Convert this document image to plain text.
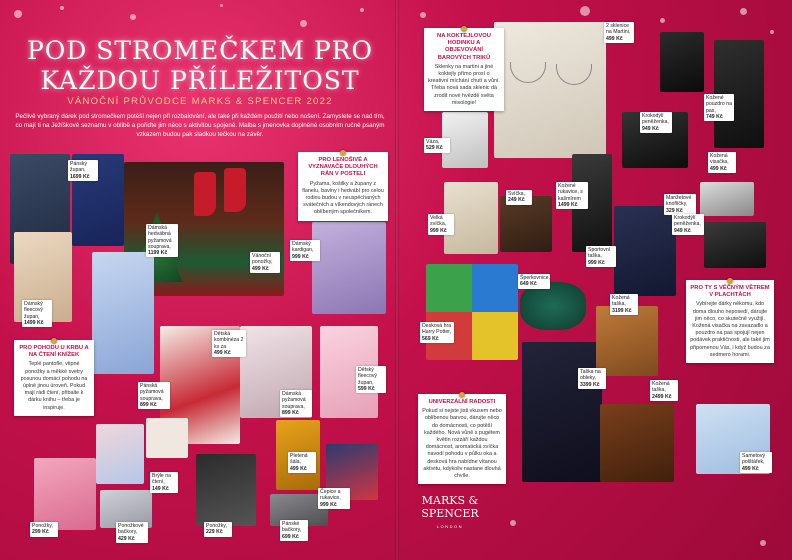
POD STROMEČKEM PRO KAŽDOU PŘÍLEŽITOST
VÁNOČNÍ PRŮVODCE MARKS & SPENCER 2022
Pečlivě vybraný dárek pod stromečkem potěší nejen při rozbalování, ale také při každém použití nebo nošení. Zamyslete se nad tím, co mají ti na Ježíškově seznamu v oblibě a pořiďte jim něco s aktivitou spojené. Malba s jmenovka doplněné osobním ručně psaným vzkazem budou pak sladkou tečkou na závěr.
PRO LENOŠIVÉ A VYZNAVAČE DLOUHÝCH RÁN V POSTELI
Pyžama, košilky a župany z flanelu, bavlny i hedvábí pro celou rodinu budou v neuspěchaných svátečních a víkendových ránech oblíbeným společníkem.
PRO POHODU U KRBU A NA ČTENÍ KNÍŽEK
Teplé pantofle, vtipné ponožky a měkké svetry posunou domácí pohodu na úplně jinou úroveň. Pokud mají rádi čtení, přibalte k dárku knihu – třeba je inspiruje.
Pánský župan,
1699 Kč
Dámská hedvábná pyžamová souprava,
1199 Kč	Vánoční ponožky,
499 Kč
Dámský kardigan,
999 Kč
Dámský fleecový župan,
1499 Kč
Dětská kombinéza 2 ks za
499 Kč
Pánská pyžamová souprava,
899 Kč
Dámská pyžamová souprava,
899 Kč
Dětský fleecový župan,
599 Kč
Pletená šála,
499 Kč
Brýle na čtení,
149 Kč
Čepice a rukavice,
999 Kč
Ponožky,
299 Kč
Ponožkové bačkory,
429 Kč
Ponožky,
229 Kč
Pánské bačkory,
699 Kč
NA KOKTEJLOVOU HODINKU A OBJEVOVÁNÍ BAROVÝCH TRIKŮ
Sklenky na martini a jiné koktejly přímo prosí o kreativní míchání chutí a vůní. Třeba nová sada sklenic dá zrodit nové hvězdě světa mixologie!
PRO TY S VĚČNÝM VĚTREM V PLACHTÁCH
Vybírejte dárky někomu, kdo doma dlouho neposedí, dárujte jim něco, co skutečně využijí. Kožená visačka na zavazadlo a pouzdro na pas spojují nejen podávek praktičnosti, ale také jim připomenou Vás, i když budou za sedmero horami.
UNIVERZÁLNÍ RADOSTI
Pokud si nejste jisti vkusem nebo oblíbenou barvou, dárujte něco do domácnosti, co potěší každého. Nová vůně s pugétem květin rozzáří každou domácnost, aromatická svíčka navodí pohodu v půlku oka a desková hra nabídne vítanou aktivitu, kdykoliv nastane dlouhá chvíle.
2 sklenice na Martini,
499 Kč
Váza,
529 Kč
Svíčka,
249 Kč
Kožené rukavice, s kašmírem
1499 Kč
Velká svíčka,
999 Kč
Sportovní taška,
999 Kč
Šperkovnice,
649 Kč
Desková hra Harry Potter,
569 Kč
Kožená taška,
3199 Kč
Taška na obleky,
3399 Kč	Kožená taška,
2499 Kč
Kožené pouzdro na pas,
749 Kč
Krokodýlí peněženka,
949 Kč
Kožená visačka,
499 Kč
Manžetové knoflíčky,
329 Kč
Krokodýlí peněženka,
949 Kč
Sametový polštářek,
499 Kč
MARKS & SPENCER
LONDON
